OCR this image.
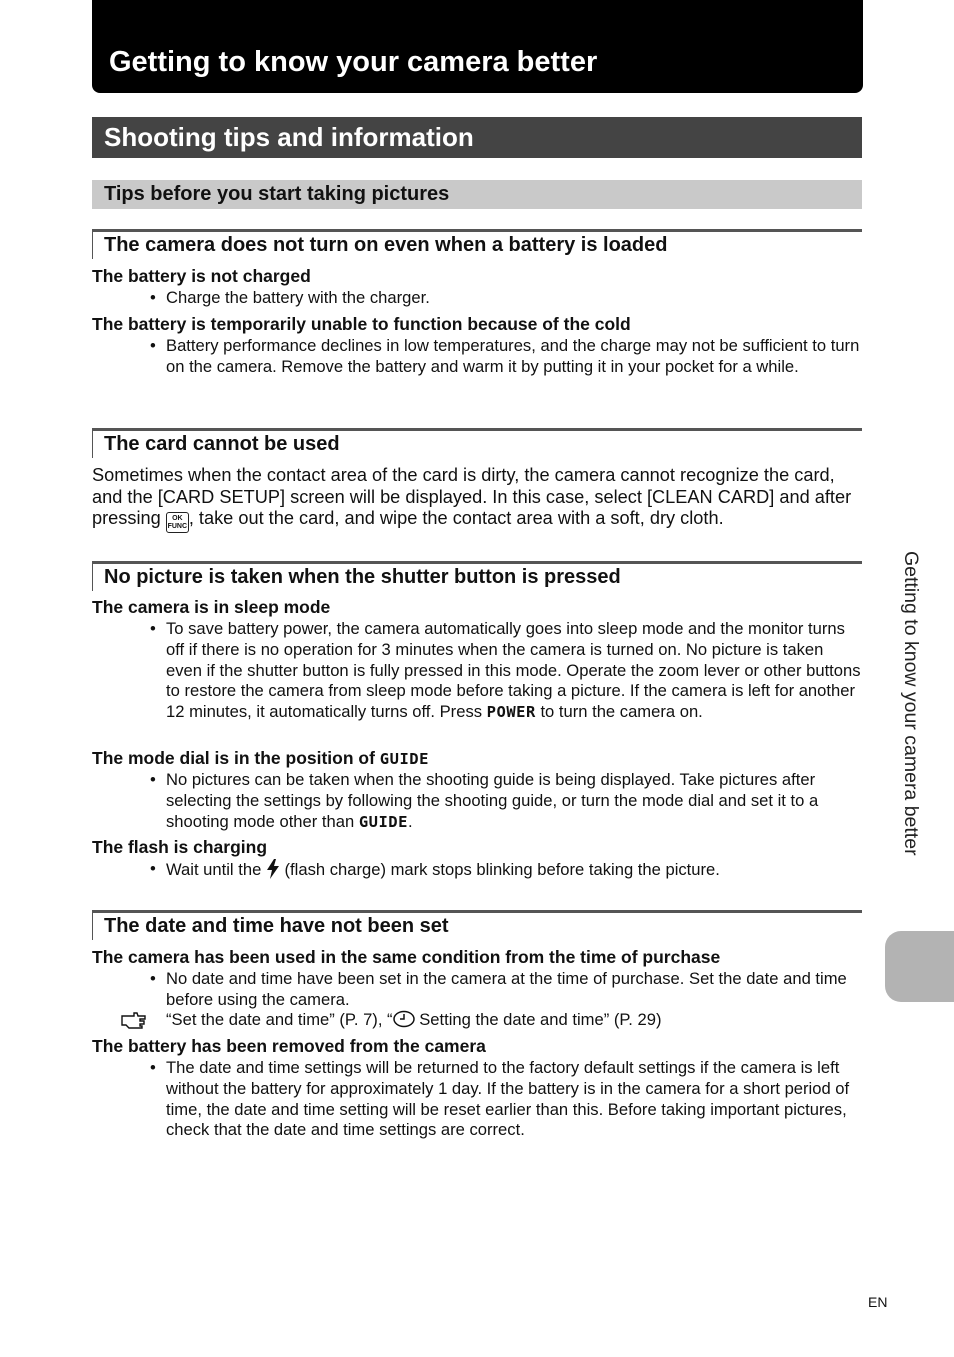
Getting to know your camera better
Shooting tips and information
Tips before you start taking pictures
The camera does not turn on even when a battery is loaded

The battery is not charged

• Charge the battery with the charger.

The battery is temporarily unable to function because of the cold

• Battery performance declines in low temperatures, and the charge may not be sufficient to turn on the camera. Remove the battery and warm it by putting it in your pocket for a while.
The card cannot be used

Sometimes when the contact area of the card is dirty, the camera cannot recognize the card, and the [CARD SETUP] screen will be displayed. In this case, select [CLEAN CARD] and after pressing OK
FUNC , take out the card, and wipe the contact area with a soft, dry cloth.

No picture is taken when the shutter button is pressed

The camera is in sleep mode

• To save battery power, the camera automatically goes into sleep mode and the monitor turns off if there is no operation for 3 minutes when the camera is turned on. No picture is taken even if the shutter button is fully pressed in this mode. Operate the zoom lever or other buttons to restore the camera from sleep mode before taking a picture. If the camera is left for another 12 minutes, it automatically turns off. Press POWER to turn the camera on.

The mode dial is in the position of GUIDE

• No pictures can be taken when the shooting guide is being displayed. Take pictures after selecting the settings by following the shooting guide, or turn the mode dial and set it to a shooting mode other than GUIDE.

The flash is charging

• Wait until the  (flash charge) mark stops blinking before taking the picture.
The date and time have not been set

The camera has been used in the same condition from the time of purchase

• No date and time have been set in the camera at the time of purchase. Set the date and time before using the camera.
“Set the date and time” (P. 7), “ Setting the date and time” (P. 29)

The battery has been removed from the camera

• The date and time settings will be returned to the factory default settings if the camera is left without the battery for approximately 1 day. If the battery is in the camera for a short period of time, the date and time setting will be reset earlier than this. Before taking important pictures, check that the date and time settings are correct.
Getting to know your camera better
EN
